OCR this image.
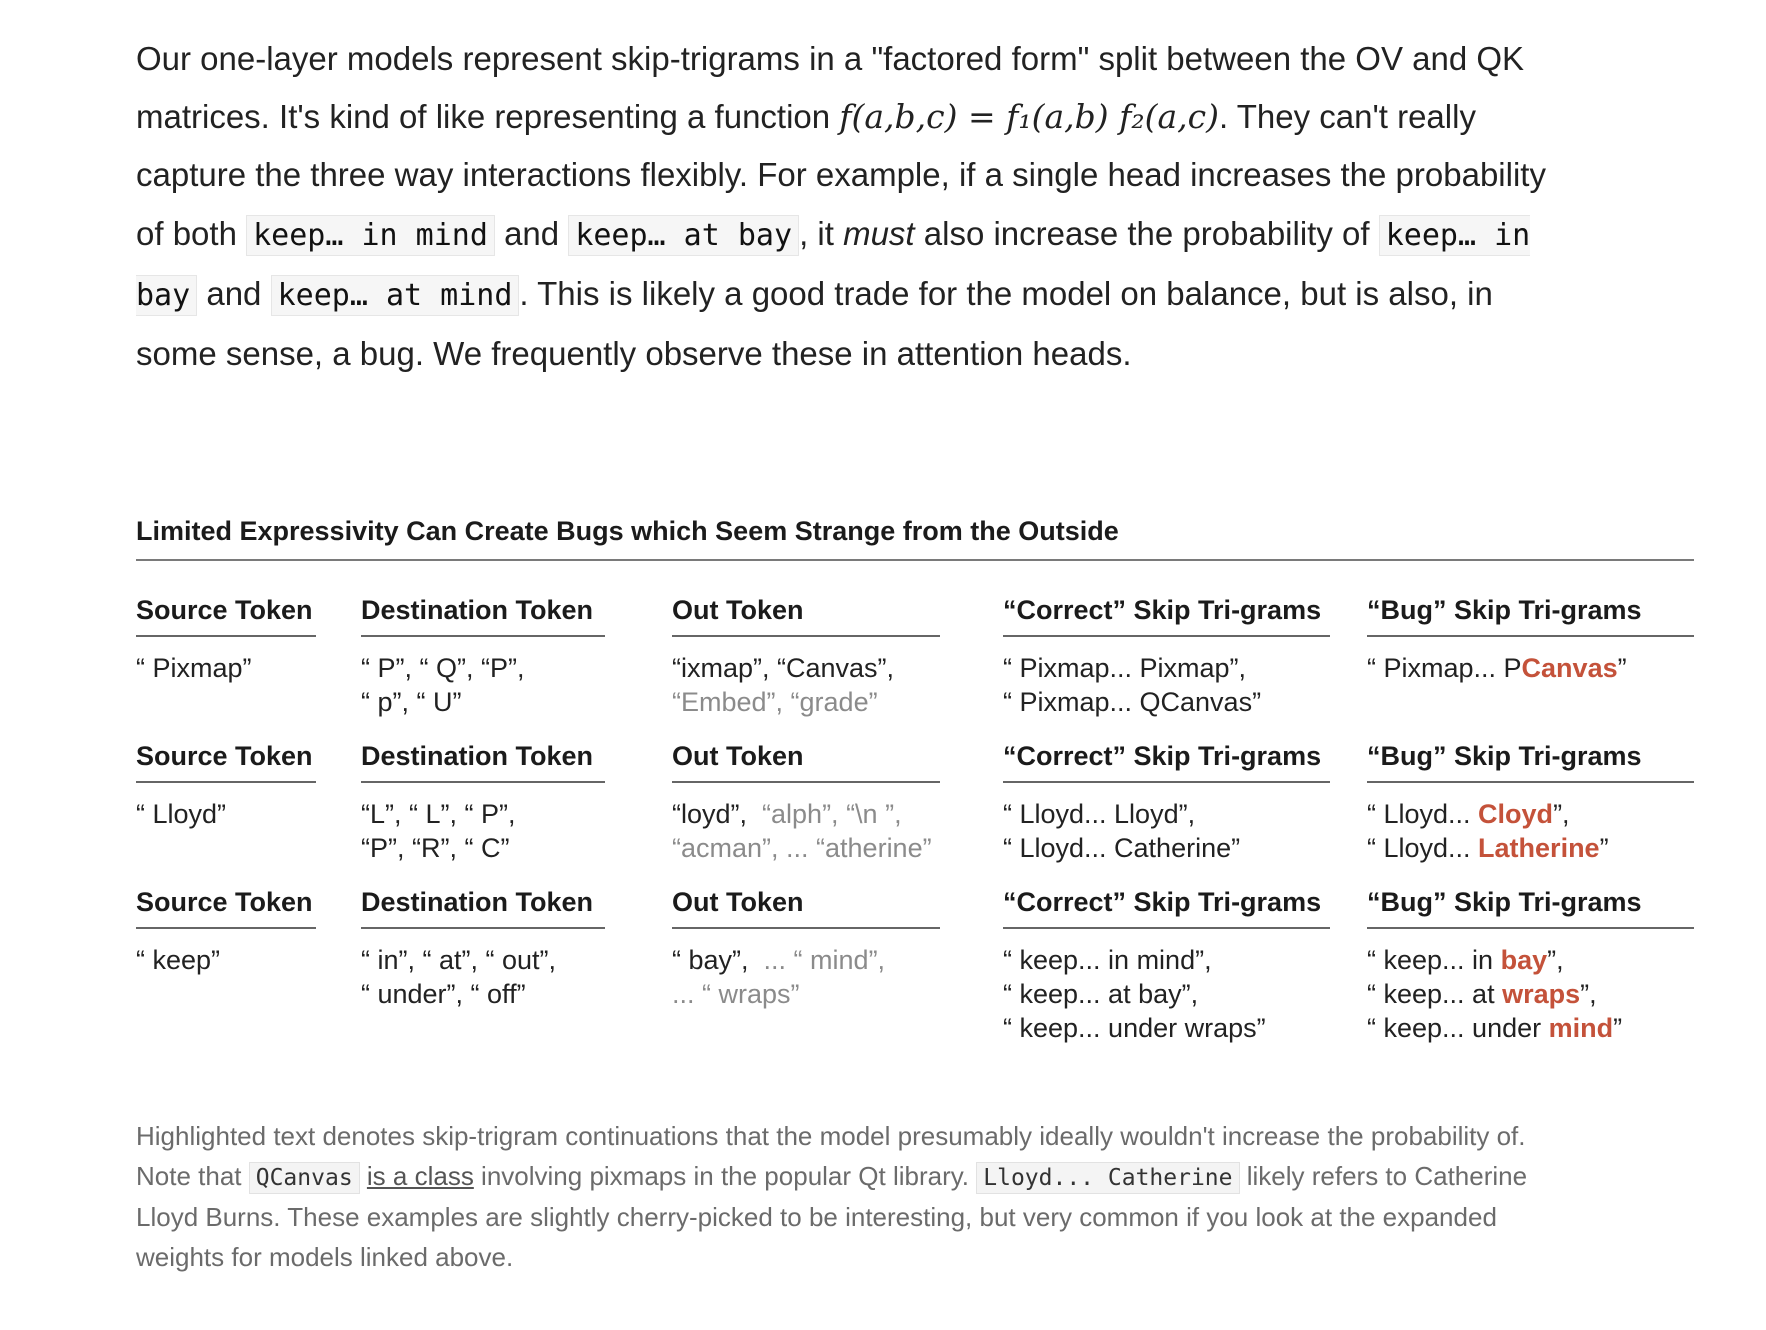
Our one-layer models represent skip-trigrams in a "factored form" split between the OV and QK matrices. It's kind of like representing a function f(a,b,c) = f₁(a,b) f₂(a,c). They can't really capture the three way interactions flexibly. For example, if a single head increases the probability of both keep… in mind and keep… at bay , it must also increase the probability of keep… in bay and keep… at mind . This is likely a good trade for the model on balance, but is also, in some sense, a bug. We frequently observe these in attention heads.

Limited Expressivity Can Create Bugs which Seem Strange from the Outside
Source Token
“ Pixmap”
Destination Token
“ P”, “ Q”, “P”,
“ p”, “ U”
Out Token
“ixmap”, “Canvas”,
“Embed”, “grade”
“Correct” Skip Tri-grams
“ Pixmap... Pixmap”,
“ Pixmap... QCanvas”
“Bug” Skip Tri-grams
“ Pixmap... PCanvas”
Source Token
“ Lloyd”
Destination Token
“L”, “ L”, “ P”,
“P”, “R”, “ C”
Out Token
“loyd”, “alph”, “\n ”,
“acman”, ... “atherine”
“Correct” Skip Tri-grams
“ Lloyd... Lloyd”,
“ Lloyd... Catherine”
“Bug” Skip Tri-grams
“ Lloyd... Cloyd”,
“ Lloyd... Latherine”
Source Token
“ keep”
Destination Token
“ in”, “ at”, “ out”,
“ under”, “ off”
Out Token
“ bay”, ... “ mind”,
... “ wraps”
“Correct” Skip Tri-grams
“ keep... in mind”,
“ keep... at bay”,
“ keep... under wraps”
“Bug” Skip Tri-grams
“ keep... in bay”,
“ keep... at wraps”,
“ keep... under mind”

Highlighted text denotes skip-trigram continuations that the model presumably ideally wouldn't increase the probability of. Note that QCanvas is a class involving pixmaps in the popular Qt library. Lloyd... Catherine likely refers to Catherine Lloyd Burns. These examples are slightly cherry-picked to be interesting, but very common if you look at the expanded weights for models linked above.
